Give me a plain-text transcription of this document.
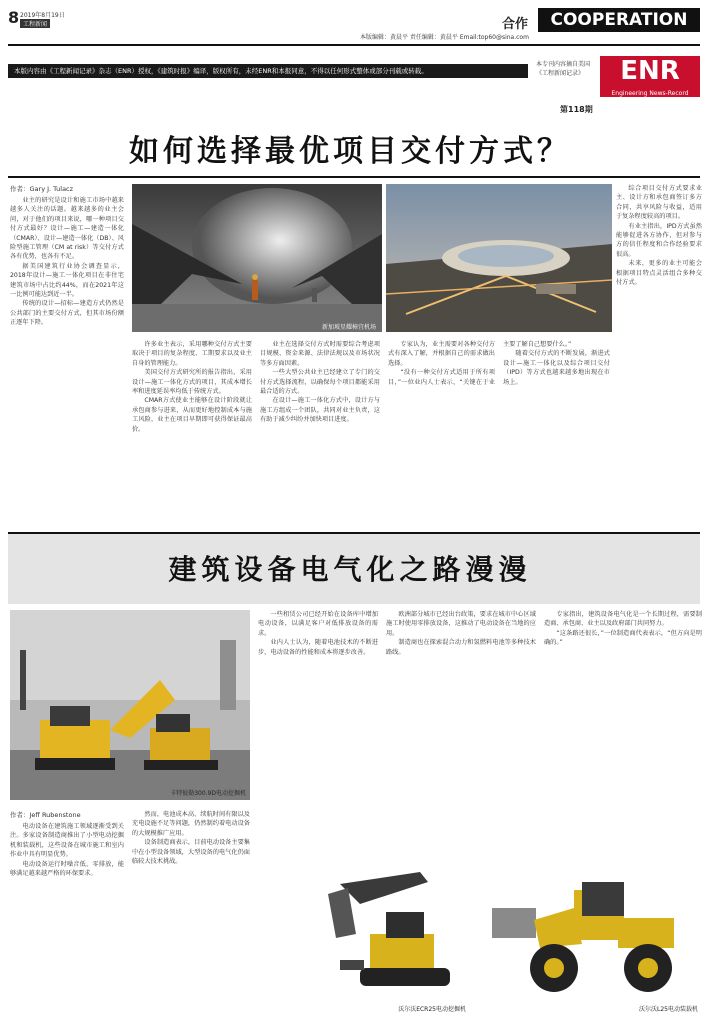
8 2019年8月19日
工程新闻	合作	COOPERATION
本版编辑：黄晨平 责任编辑：黄晨平 Email:top60@sina.com
本版内容由《工程新闻记录》杂志（ENR）授权，《建筑时报》编译，版权所有，未经ENR和本报同意，不得以任何形式整体或部分刊载或转载。
本专刊内容摘自美国《工程新闻记录》	ENR
Engineering News-Record
第118期
如何选择最优项目交付方式？
作者：Gary J. Tulacz

业主的研究是设计和施工市场中越来越多人关注的话题。越来越多的业主会问，对于他们的项目来说，哪一种项目交付方式最好？设计—施工—建造一体化（CMAR）、设计—建造一体化（DB）、风险型施工管理（CM at risk）等交付方式各有优势，也各有不足。

据美国建筑行业协会调查显示，2018年设计—施工一体化项目在非住宅建筑市场中占比约44%，而在2021年这一比例可能达到近一半。

传统的设计—招标—建造方式仍然是公共部门的主要交付方式，但其市场份额正逐年下降。

新加坡星耀樟宜机场

综合项目交付方式要求业主、设计方和承包商签订多方合同，共享风险与收益，适用于复杂程度较高的项目。

有业主指出，IPD方式虽然能够促进各方协作，但对参与方的信任程度和合作经验要求很高。

未来，更多的业主可能会根据项目特点灵活组合多种交付方式。

许多业主表示，采用哪种交付方式主要取决于项目的复杂程度、工期要求以及业主自身的管理能力。

美国交付方式研究所的报告指出，采用设计—施工一体化方式的项目，其成本增长率和进度延误率均低于传统方式。

CMAR方式使业主能够在设计阶段就让承包商参与进来，从而更好地控制成本与施工风险，业主在项目早期即可获得保证最高价。

业主在选择交付方式时需要综合考虑项目规模、资金来源、法律法规以及市场状况等多方面因素。

一些大型公共业主已经建立了专门的交付方式选择流程，以确保每个项目都能采用最合适的方式。

在设计—施工一体化方式中，设计方与施工方组成一个团队，共同对业主负责，这有助于减少纠纷并加快项目进度。

专家认为，业主需要对各种交付方式有深入了解，并根据自己的需求做出选择。

“没有一种交付方式适用于所有项目，”一位业内人士表示，“关键在于业主要了解自己想要什么。”

随着交付方式的不断发展，渐进式设计—施工一体化以及综合项目交付（IPD）等方式也越来越多地出现在市场上。

建筑设备电气化之路漫漫
卡特彼勒300.9D电动挖掘机
作者：Jeff Rubenstone

电动设备在建筑施工领域逐渐受到关注。多家设备制造商推出了小型电动挖掘机和装载机，这些设备在城市施工和室内作业中具有明显优势。

电动设备运行时噪音低、零排放，能够满足越来越严格的环保要求。

然而，电池成本高、续航时间有限以及充电设施不足等问题，仍然制约着电动设备的大规模推广应用。

设备制造商表示，目前电动设备主要集中在小型设备领域，大型设备的电气化仍面临较大技术挑战。

一些租赁公司已经开始在设备库中增加电动设备，以满足客户对低排放设备的需求。

业内人士认为，随着电池技术的不断进步，电动设备的性能和成本将逐步改善。

欧洲部分城市已经出台政策，要求在城市中心区域施工时使用零排放设备，这推动了电动设备在当地的应用。

制造商也在探索混合动力和氢燃料电池等多种技术路线。

专家指出，建筑设备电气化是一个长期过程，需要制造商、承包商、业主以及政府部门共同努力。

“这条路还很长，”一位制造商代表表示，“但方向是明确的。”

沃尔沃ECR25电动挖掘机	沃尔沃L25电动装载机
